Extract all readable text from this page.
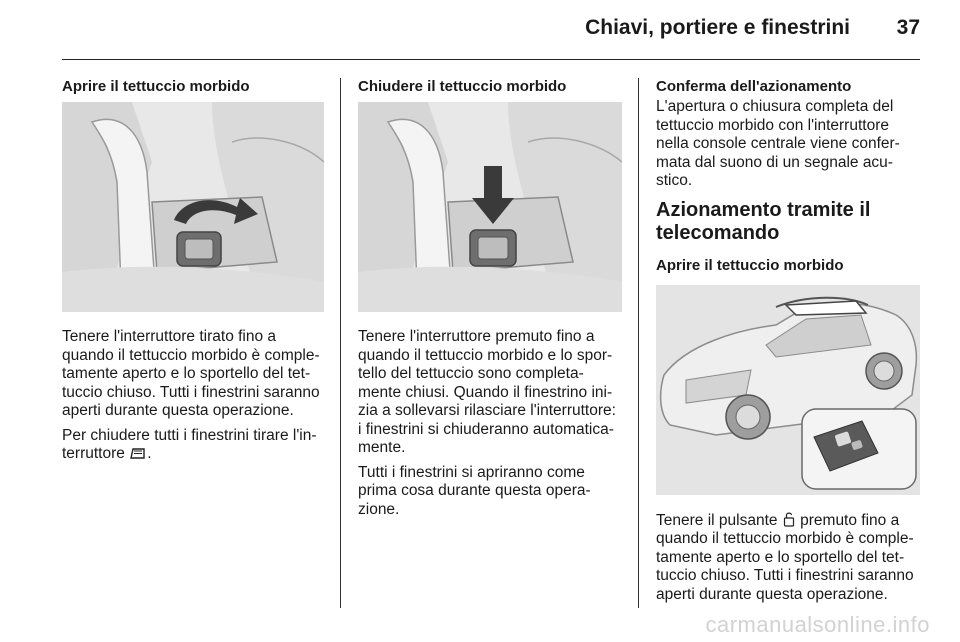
Chiavi, portiere e finestrini	37
Aprire il tettuccio morbido
Tenere l'interruttore tirato fino a quando il tettuccio morbido è comple- tamente aperto e lo sportello del tet- tuccio chiuso. Tutti i finestrini saranno aperti durante questa operazione.
Per chiudere tutti i finestrini tirare l'in- terruttore .
Chiudere il tettuccio morbido
Tenere l'interruttore premuto fino a quando il tettuccio morbido e lo spor- tello del tettuccio sono completa- mente chiusi. Quando il finestrino ini- zia a sollevarsi rilasciare l'interruttore: i finestrini si chiuderanno automatica- mente.
Tutti i finestrini si apriranno come prima cosa durante questa opera- zione.
Conferma dell'azionamento
L'apertura o chiusura completa del tettuccio morbido con l'interruttore nella console centrale viene confer- mata dal suono di un segnale acu- stico.
Azionamento tramite il telecomando
Aprire il tettuccio morbido
Tenere il pulsante premuto fino a quando il tettuccio morbido è comple- tamente aperto e lo sportello del tet- tuccio chiuso. Tutti i finestrini saranno aperti durante questa operazione.
carmanualsonline.info
